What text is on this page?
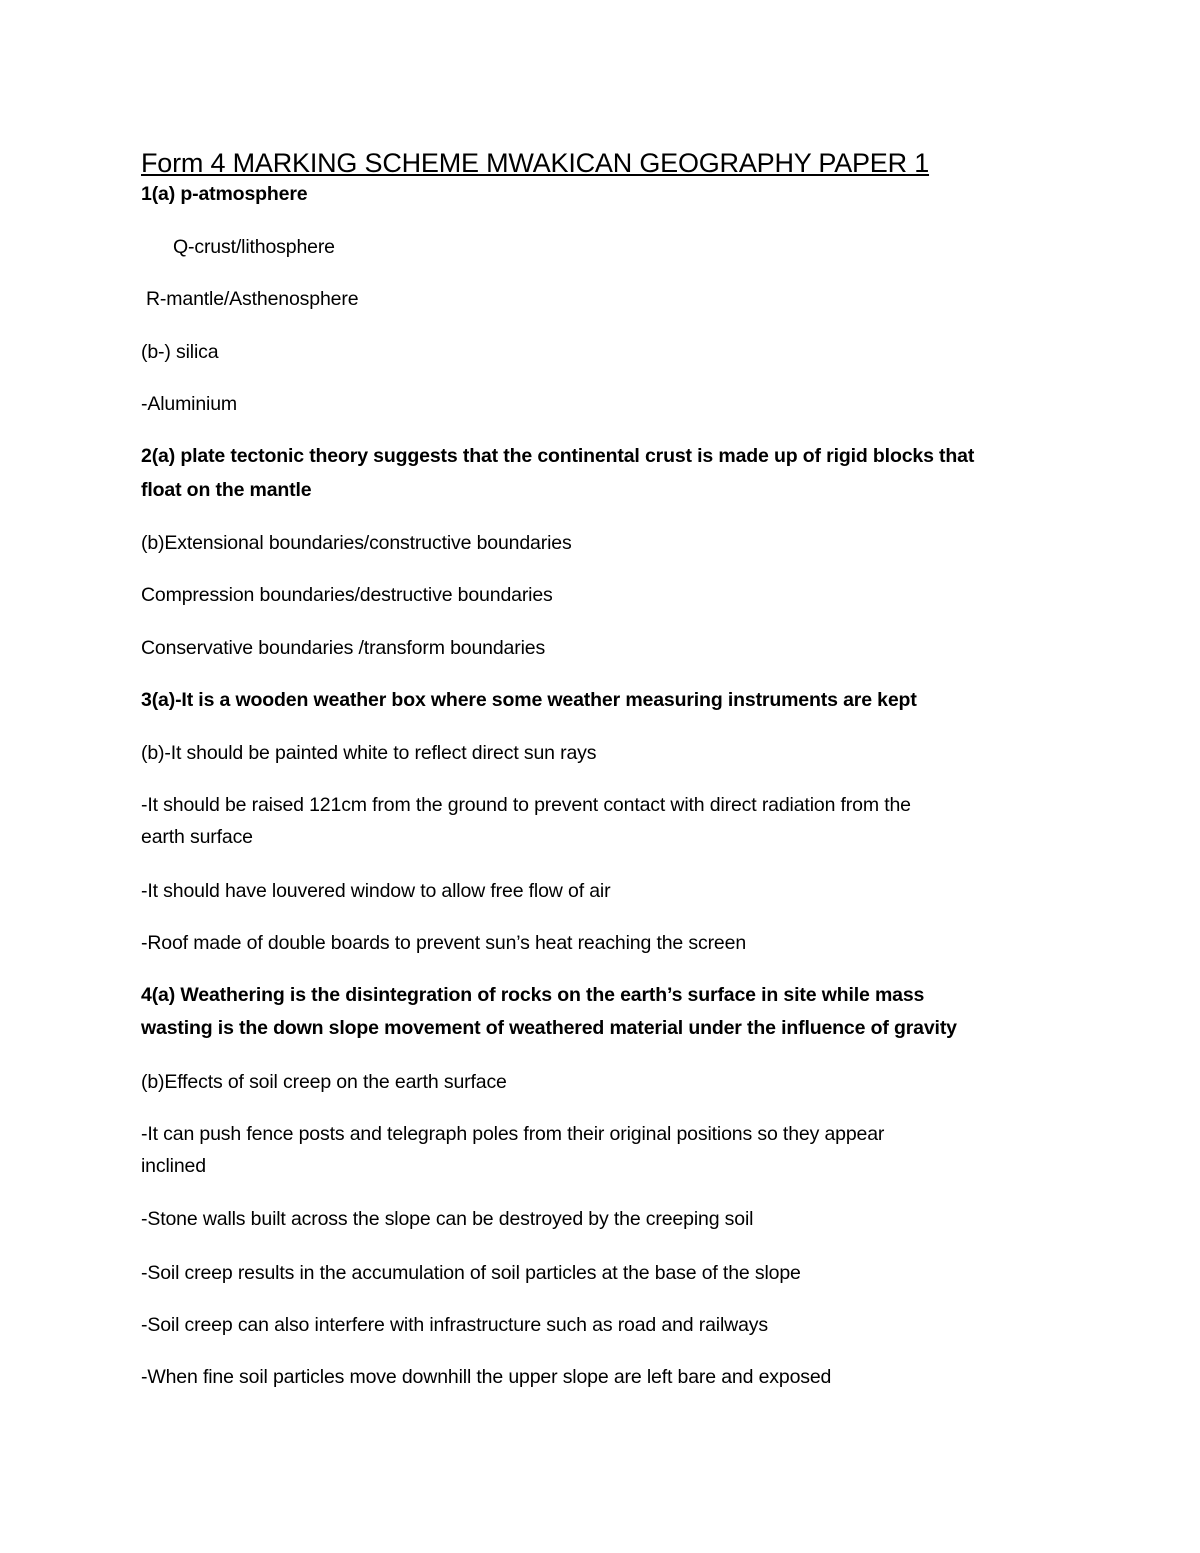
Form 4 MARKING SCHEME MWAKICAN GEOGRAPHY PAPER 1
1(a) p-atmosphere
Q-crust/lithosphere
R-mantle/Asthenosphere
(b-) silica
-Aluminium
2(a) plate tectonic theory suggests that the continental crust is made up of rigid blocks that
float on the mantle
(b)Extensional boundaries/constructive boundaries
Compression boundaries/destructive boundaries
Conservative boundaries /transform boundaries
3(a)-It is a wooden weather box where some weather measuring instruments are kept
(b)-It should be painted white to reflect direct sun rays
-It should be raised 121cm from the ground to prevent contact with direct radiation from the
earth surface
-It should have louvered window to allow free flow of air
-Roof made of double boards to prevent sun’s heat reaching the screen
4(a) Weathering is the disintegration of rocks on the earth’s surface in site while mass
wasting is the down slope movement of weathered material under the influence of gravity
(b)Effects of soil creep on the earth surface
-It can push fence posts and telegraph poles from their original positions so they appear
inclined
-Stone walls built across the slope can be destroyed by the creeping soil
-Soil creep results in the accumulation of soil particles at the base of the slope
-Soil creep can also interfere with infrastructure such as road and railways
-When fine soil particles move downhill the upper slope are left bare and exposed
